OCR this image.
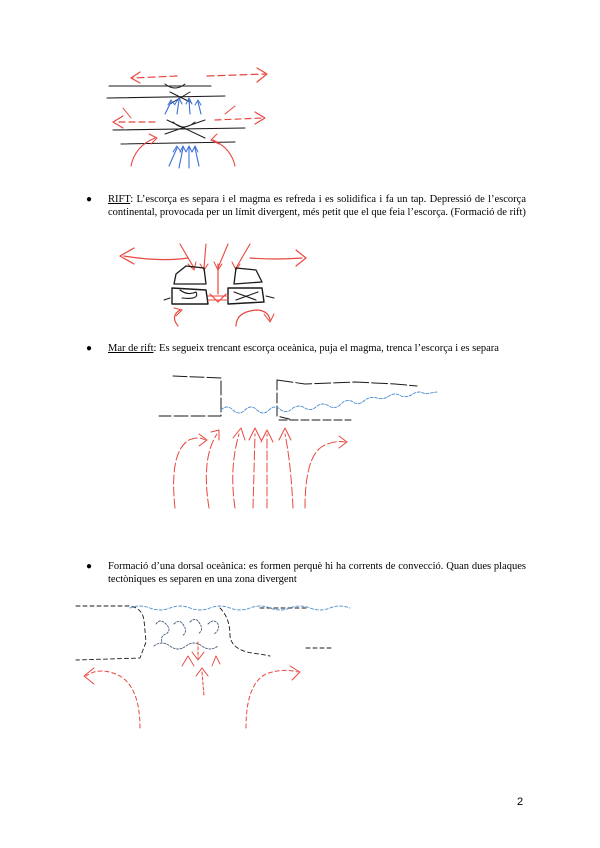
●	RIFT: L’escorça es separa i el magma es refreda i es solidifica i fa un tap. Depressió de l’escorça continental, provocada per un límit divergent, més petit que el que feia l’escorça. (Formació de rift)
●	Mar de rift: Es segueix trencant escorça oceànica, puja el magma, trenca l’escorça i es separa
●	Formació d’una dorsal oceànica: es formen perquè hi ha corrents de convecció. Quan dues plaques tectòniques es separen en una zona divergent
2
